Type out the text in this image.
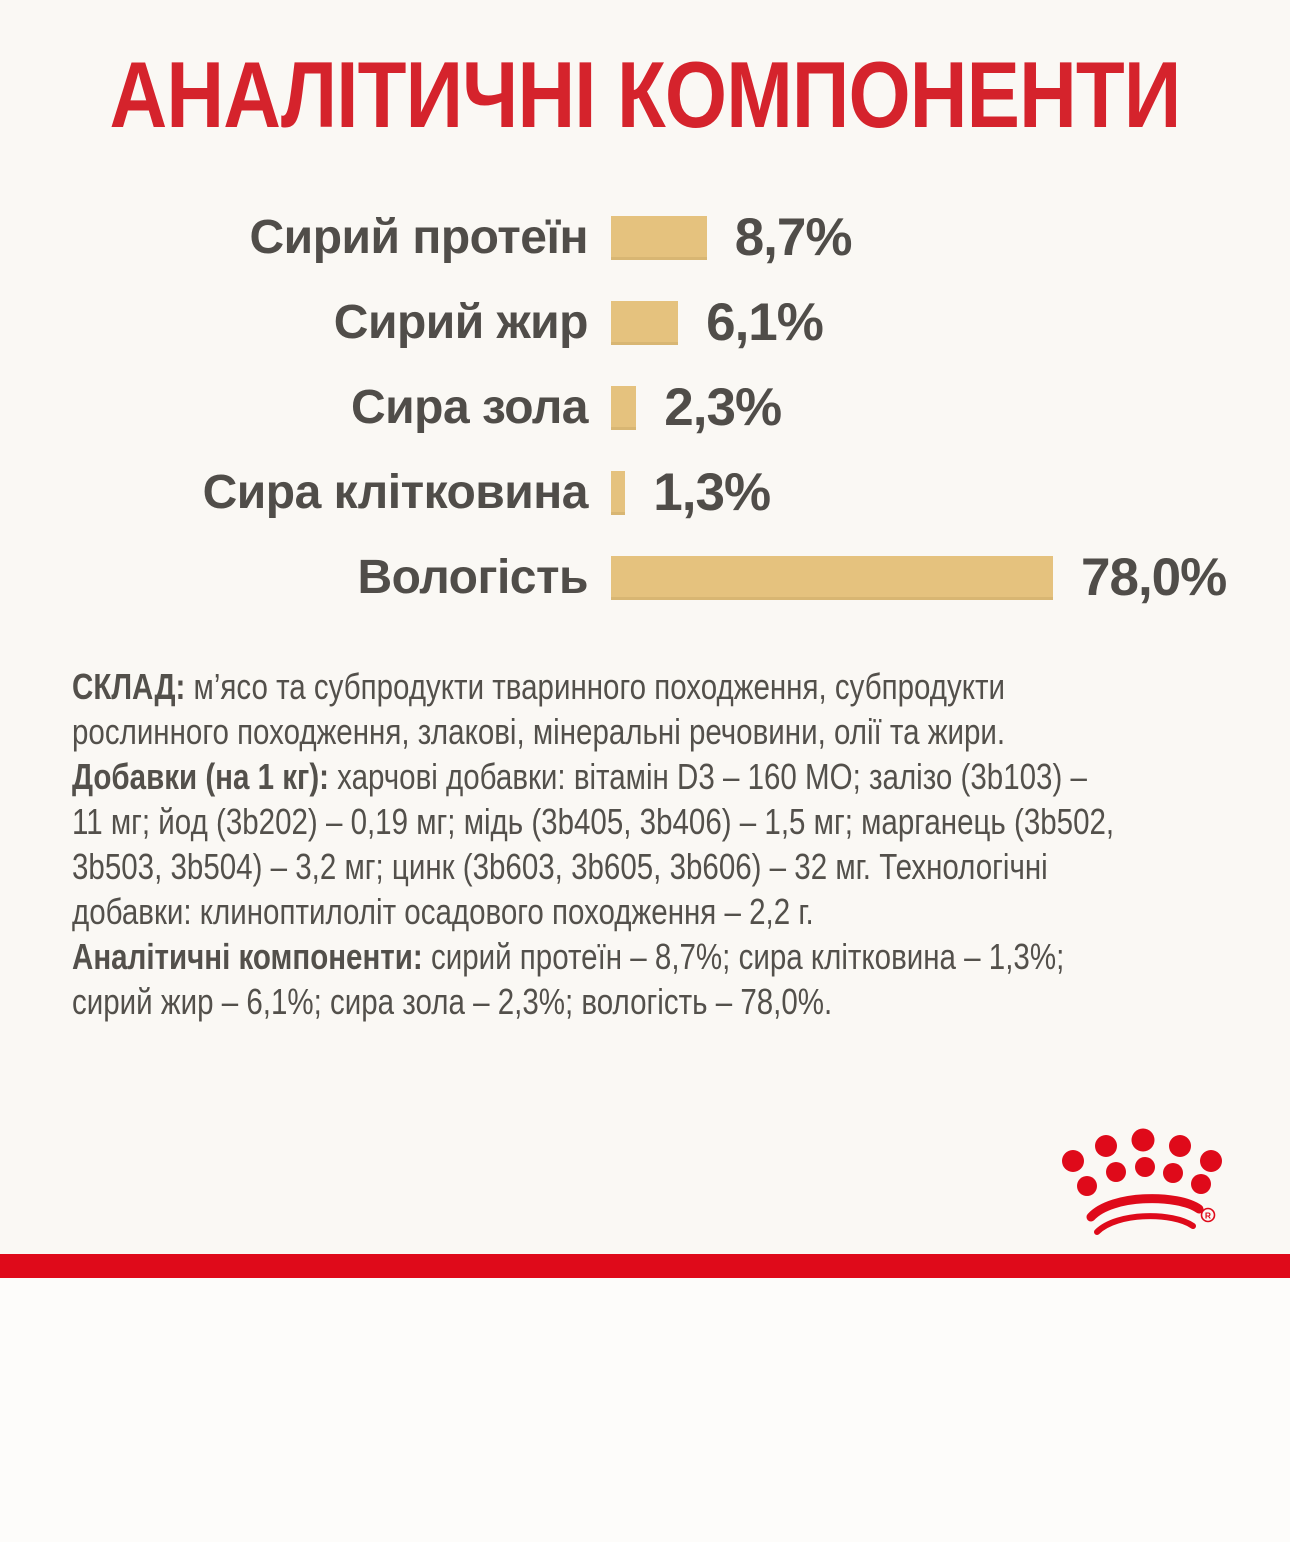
АНАЛІТИЧНІ КОМПОНЕНТИ
Сирий протеїн	8,7%
Сирий жир 6,1%
Сира зола 2,3%
Сира клітковина 1,3%
Вологість	78,0%
СКЛАД: м’ясо та субпродукти тваринного походження, субпродукти
рослинного походження, злакові, мінеральні речовини, олії та жири.
Добавки (на 1 кг): харчові добавки: вітамін D3 – 160 МО; залізо (3b103) –
11 мг; йод (3b202) – 0,19 мг; мідь (3b405, 3b406) – 1,5 мг; марганець (3b502,
3b503, 3b504) – 3,2 мг; цинк (3b603, 3b605, 3b606) – 32 мг. Технологічні
добавки: клиноптилоліт осадового походження – 2,2 г.
Аналітичні компоненти: сирий протеїн – 8,7%; сира клітковина – 1,3%;
сирий жир – 6,1%; сира зола – 2,3%; вологість – 78,0%.
R
